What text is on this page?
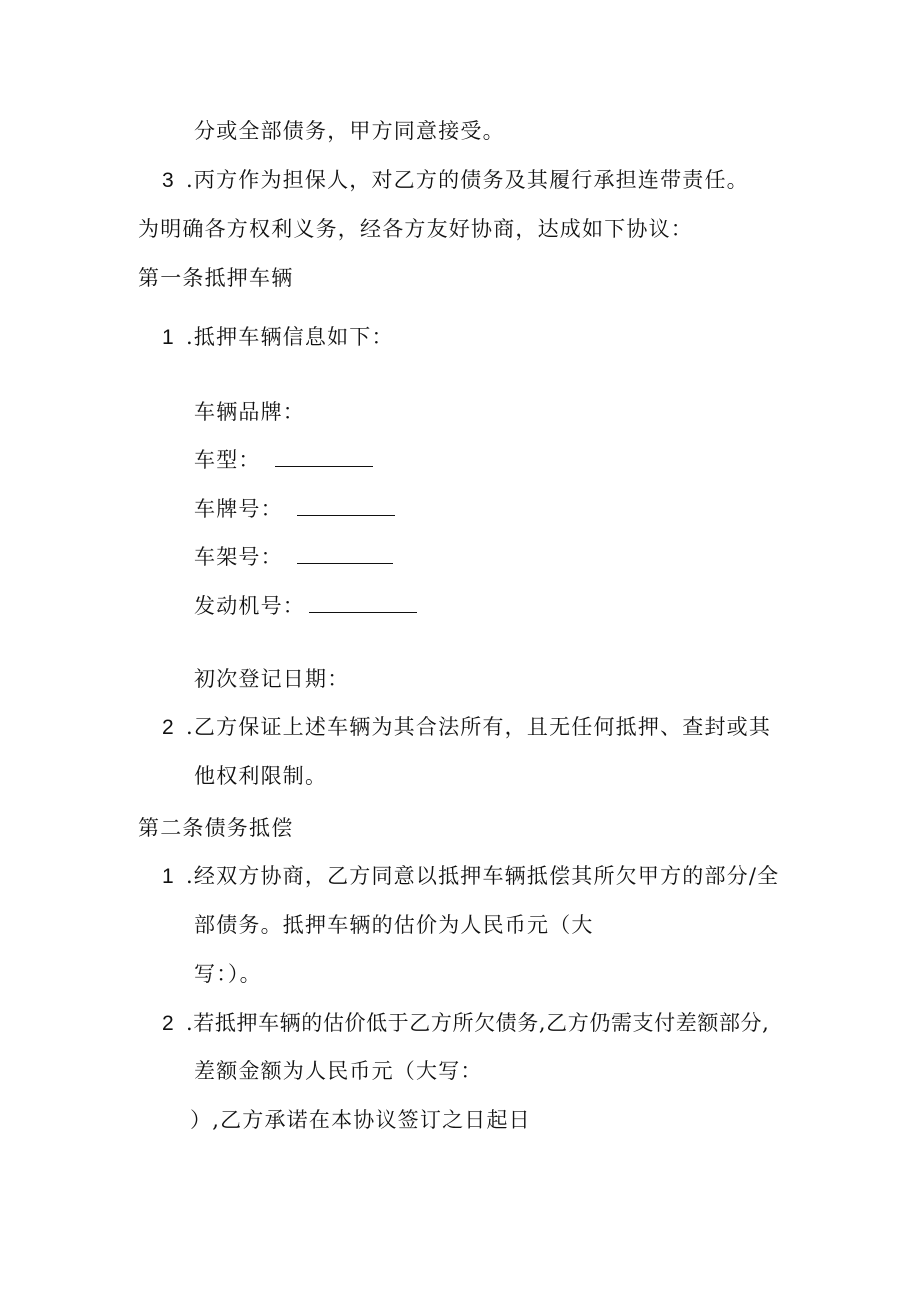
分或全部债务，甲方同意接受。
3 .丙方作为担保人，对乙方的债务及其履行承担连带责任。
为明确各方权利义务，经各方友好协商，达成如下协议：
第一条抵押车辆
1 .抵押车辆信息如下：
车辆品牌：
车型：
车牌号：
车架号：
发动机号：
初次登记日期：
2 .乙方保证上述车辆为其合法所有，且无任何抵押、查封或其
他权利限制。
第二条债务抵偿
1 .经双方协商，乙方同意以抵押车辆抵偿其所欠甲方的部分/全
部债务。抵押车辆的估价为人民币元（大
写：）。
2 .若抵押车辆的估价低于乙方所欠债务,乙方仍需支付差额部分,
差额金额为人民币元（大写：
）,乙方承诺在本协议签订之日起日
